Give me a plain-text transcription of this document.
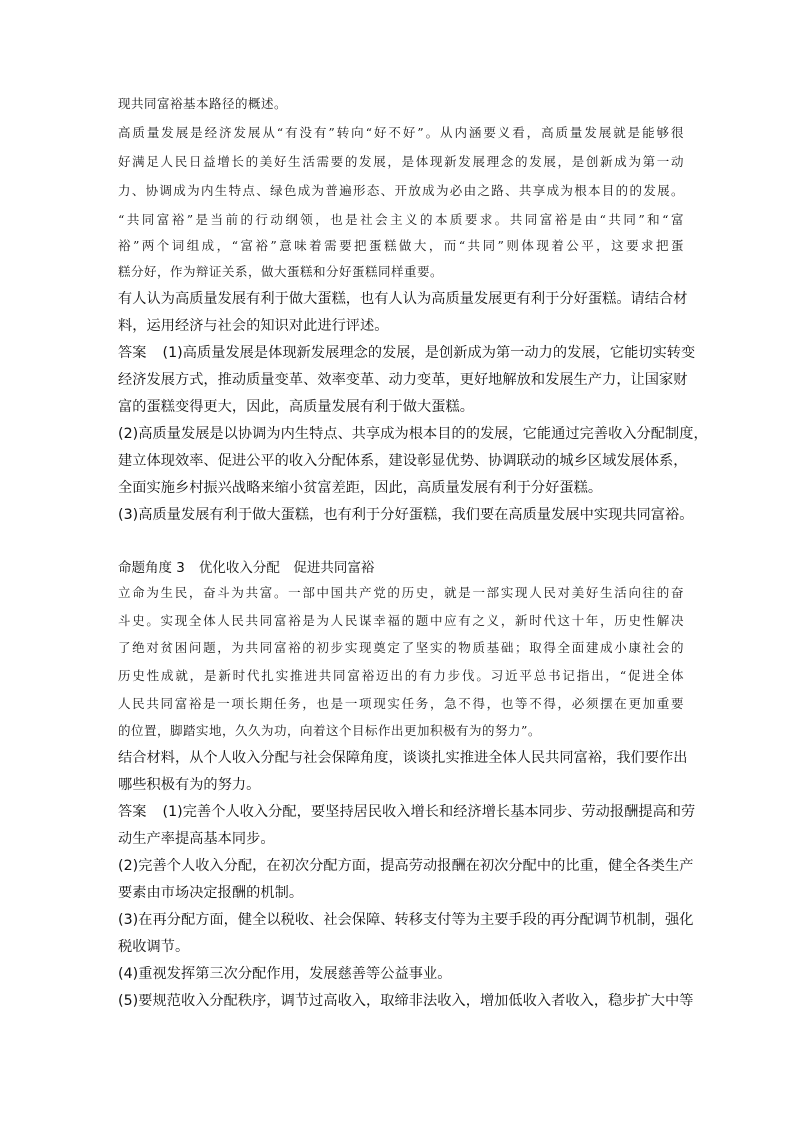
现共同富裕基本路径的概述。
高质量发展是经济发展从“有没有”转向“好不好”。从内涵要义看，高质量发展就是能够很
好满足人民日益增长的美好生活需要的发展，是体现新发展理念的发展，是创新成为第一动
力、协调成为内生特点、绿色成为普遍形态、开放成为必由之路、共享成为根本目的的发展。
“共同富裕”是当前的行动纲领，也是社会主义的本质要求。共同富裕是由“共同”和“富
裕”两个词组成，“富裕”意味着需要把蛋糕做大，而“共同”则体现着公平，这要求把蛋
糕分好，作为辩证关系，做大蛋糕和分好蛋糕同样重要。
有人认为高质量发展有利于做大蛋糕，也有人认为高质量发展更有利于分好蛋糕。请结合材
料，运用经济与社会的知识对此进行评述。
答案 (1)高质量发展是体现新发展理念的发展，是创新成为第一动力的发展，它能切实转变
经济发展方式，推动质量变革、效率变革、动力变革，更好地解放和发展生产力，让国家财
富的蛋糕变得更大，因此，高质量发展有利于做大蛋糕。
(2)高质量发展是以协调为内生特点、共享成为根本目的的发展，它能通过完善收入分配制度，
建立体现效率、促进公平的收入分配体系，建设彰显优势、协调联动的城乡区域发展体系，
全面实施乡村振兴战略来缩小贫富差距，因此，高质量发展有利于分好蛋糕。
(3)高质量发展有利于做大蛋糕，也有利于分好蛋糕，我们要在高质量发展中实现共同富裕。
命题角度 3 优化收入分配　促进共同富裕
立命为生民，奋斗为共富。一部中国共产党的历史，就是一部实现人民对美好生活向往的奋
斗史。实现全体人民共同富裕是为人民谋幸福的题中应有之义，新时代这十年，历史性解决
了绝对贫困问题，为共同富裕的初步实现奠定了坚实的物质基础；取得全面建成小康社会的
历史性成就，是新时代扎实推进共同富裕迈出的有力步伐。习近平总书记指出，“促进全体
人民共同富裕是一项长期任务，也是一项现实任务，急不得，也等不得，必须摆在更加重要
的位置，脚踏实地，久久为功，向着这个目标作出更加积极有为的努力”。
结合材料，从个人收入分配与社会保障角度，谈谈扎实推进全体人民共同富裕，我们要作出
哪些积极有为的努力。
答案 (1)完善个人收入分配，要坚持居民收入增长和经济增长基本同步、劳动报酬提高和劳
动生产率提高基本同步。
(2)完善个人收入分配，在初次分配方面，提高劳动报酬在初次分配中的比重，健全各类生产
要素由市场决定报酬的机制。
(3)在再分配方面，健全以税收、社会保障、转移支付等为主要手段的再分配调节机制，强化
税收调节。
(4)重视发挥第三次分配作用，发展慈善等公益事业。
(5)要规范收入分配秩序，调节过高收入，取缔非法收入，增加低收入者收入，稳步扩大中等
